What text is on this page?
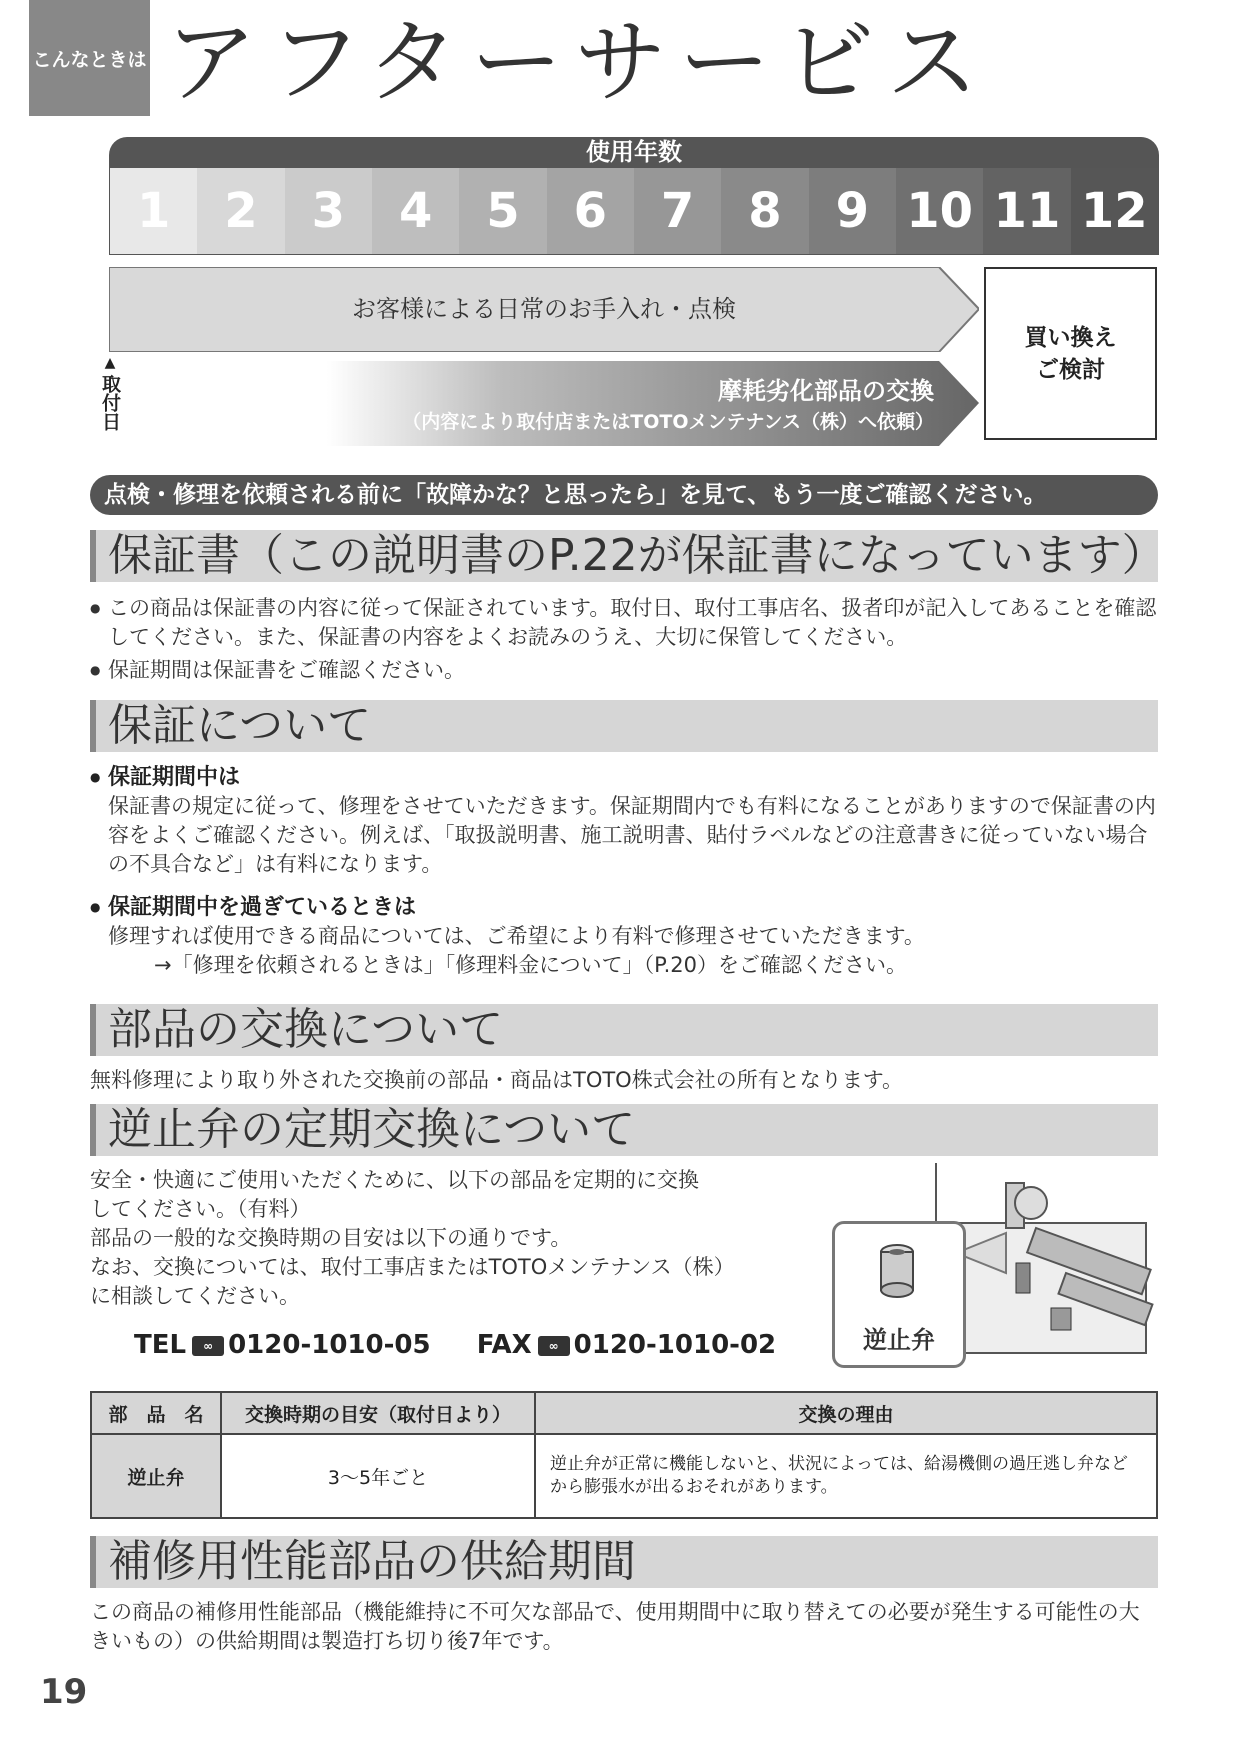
こんなときは アフターサービス
使用年数
1	2	3	4	5	6	7	8	9 10 11 12
お客様による日常のお手入れ・点検
摩耗劣化部品の交換
（内容により取付店またはTOTOメンテナンス（株）へ依頼）
▲
取付日
買い換え
ご検討
点検・修理を依頼される前に「故障かな？と思ったら」を見て、もう一度ご確認ください。
保証書（この説明書のP.22が保証書になっています）
● この商品は保証書の内容に従って保証されています。取付日、取付工事店名、扱者印が記入してあることを確認してください。また、保証書の内容をよくお読みのうえ、大切に保管してください。
● 保証期間は保証書をご確認ください。
保証について
● 保証期間中は
保証書の規定に従って、修理をさせていただきます。保証期間内でも有料になることがありますので保証書の内容をよくご確認ください。例えば、「取扱説明書、施工説明書、貼付ラベルなどの注意書きに従っていない場合の不具合など」は有料になります。
● 保証期間中を過ぎているときは
修理すれば使用できる商品については、ご希望により有料で修理させていただきます。
→「修理を依頼されるときは」「修理料金について」（P.20）をご確認ください。
部品の交換について
無料修理により取り外された交換前の部品・商品はTOTO株式会社の所有となります。
逆止弁の定期交換について
安全・快適にご使用いただくために、以下の部品を定期的に交換
してください。（有料）
部品の一般的な交換時期の目安は以下の通りです。
なお、交換については、取付工事店またはTOTOメンテナンス（株）
に相談してください。
TEL ∞ 0120-1010-05 FAX ∞ 0120-1010-02	逆止弁
部　品　名	交換時期の目安（取付日より）	交換の理由
逆止弁	3〜5年ごと	逆止弁が正常に機能しないと、状況によっては、給湯機側の過圧逃し弁などから膨張水が出るおそれがあります。
補修用性能部品の供給期間
この商品の補修用性能部品（機能維持に不可欠な部品で、使用期間中に取り替えての必要が発生する可能性の大きいもの）の供給期間は製造打ち切り後7年です。
19
